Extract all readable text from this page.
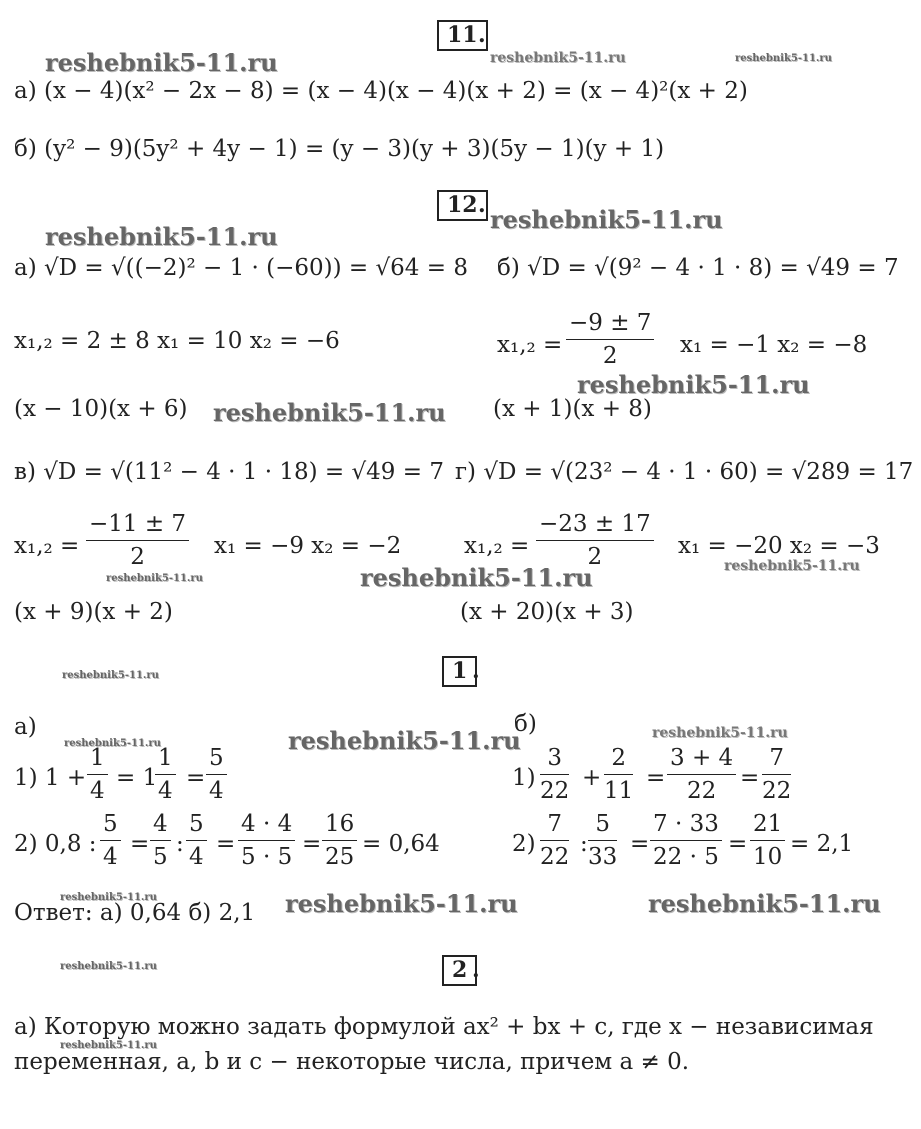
11 .
reshebnik5-11.ru	reshebnik5-11.ru	reshebnik5-11.ru
а) (x − 4)(x² − 2x − 8) = (x − 4)(x − 4)(x + 2) = (x − 4)²(x + 2)
б) (y² − 9)(5y² + 4y − 1) = (y − 3)(y + 3)(5y − 1)(y + 1)
12 . reshebnik5-11.ru
reshebnik5-11.ru
а) √D = √((−2)² − 1 · (−60)) = √64 = 8 б) √D = √(9² − 4 · 1 · 8) = √49 = 7
x₁,₂ = 2 ± 8 x₁ = 10 x₂ = −6	$x_1,_2 = \frac{-9 \pm 7}{2} x_1 = -1$ x₂ = −8
reshebnik5-11.ru
(x − 10)(x + 6) reshebnik5-11.ru (x + 1)(x + 8)
в) √D = √(11² − 4 · 1 · 18) = √49 = 7 г) √D = √(23² − 4 · 1 · 60) = √289 = 17
$x_1,_2 = \frac{-11 \pm 7}{2} x_1 = -9$ x₂ = −2	$x_1,_2 = \frac{-23 \pm 17}{2} x_1 = -20$ x₂ = −3
reshebnik5-11.ru	reshebnik5-11.ru	reshebnik5-11.ru
(x + 9)(x + 2)	(x + 20)(x + 3)
reshebnik5-11.ru	1 .
а)
reshebnik5-11.ru	reshebnik5-11.ru
б)	reshebnik5-11.ru
1) $1 + \frac{1}{4} = 1$
$\frac{1}{4} = \frac{5}{4}$	$1) \frac{3}{22} + \frac{2}{11} = \frac{3 + 4}{22} = \frac{7}{22}$
2) 0,8 : $\frac{5}{4} = \frac{4}{5}$ : $\frac{5}{4} = \frac{4 \cdot 4}{5 \cdot 5} = \frac{16}{25} = 0,64$	$2) \frac{7}{22}$ : $\frac{5}{33} = \frac{7 \cdot 33}{22 \cdot 5} = \frac{21}{10} = 2,1$
reshebnik5-11.ru
Ответ: а) 0,64 б) 2,1 reshebnik5-11.ru	reshebnik5-11.ru
reshebnik5-11.ru	2 .
а) Которую можно задать формулой ax² + bx + c, где x − независимая переменная, a, b и c − некоторые числа, причем a ≠ 0.
reshebnik5-11.ru
